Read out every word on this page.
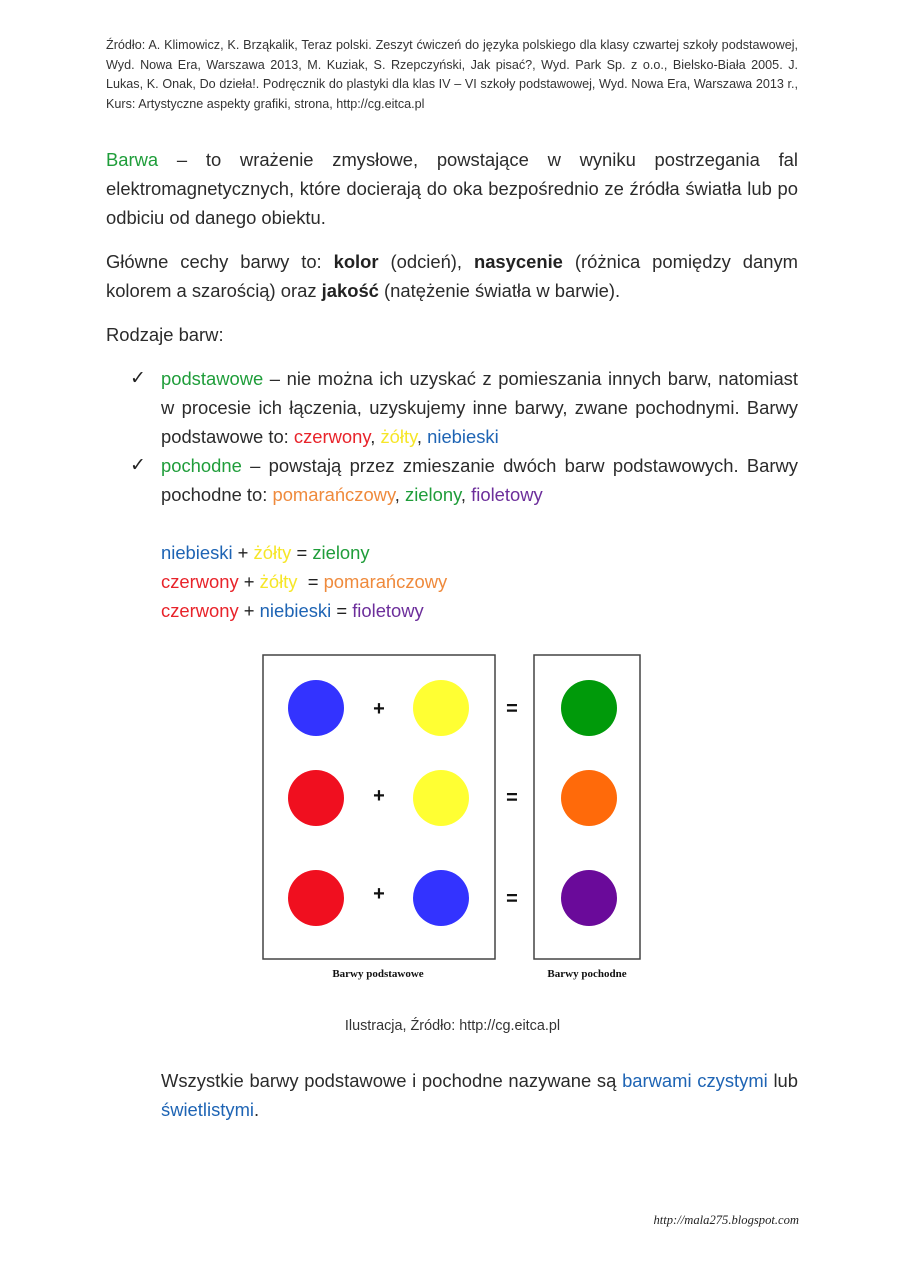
Źródło: A. Klimowicz, K. Brząkalik, Teraz polski. Zeszyt ćwiczeń do języka polskiego dla klasy czwartej szkoły podstawowej, Wyd. Nowa Era, Warszawa 2013, M. Kuziak, S. Rzepczyński, Jak pisać?, Wyd. Park Sp. z o.o., Bielsko-Biała 2005. J. Lukas, K. Onak, Do dzieła!. Podręcznik do plastyki dla klas IV – VI szkoły podstawowej, Wyd. Nowa Era, Warszawa 2013 r., Kurs: Artystyczne aspekty grafiki, strona, http://cg.eitca.pl
Barwa – to wrażenie zmysłowe, powstające w wyniku postrzegania fal elektromagnetycznych, które docierają do oka bezpośrednio ze źródła światła lub po odbiciu od danego obiektu.
Główne cechy barwy to: kolor (odcień), nasycenie (różnica pomiędzy danym kolorem a szarością) oraz jakość (natężenie światła w barwie).
Rodzaje barw:
✓ podstawowe – nie można ich uzyskać z pomieszania innych barw, natomiast w procesie ich łączenia, uzyskujemy inne barwy, zwane pochodnymi. Barwy podstawowe to: czerwony, żółty, niebieski
✓ pochodne – powstają przez zmieszanie dwóch barw podstawowych. Barwy pochodne to: pomarańczowy, zielony, fioletowy
niebieski + żółty = zielony
czerwony + żółty  = pomarańczowy
czerwony + niebieski = fioletowy
+
+
+
=
=
=
Barwy podstawowe	Barwy pochodne
Ilustracja, Źródło: http://cg.eitca.pl
Wszystkie barwy podstawowe i pochodne nazywane są barwami czystymi lub świetlistymi.
http://mala275.blogspot.com
